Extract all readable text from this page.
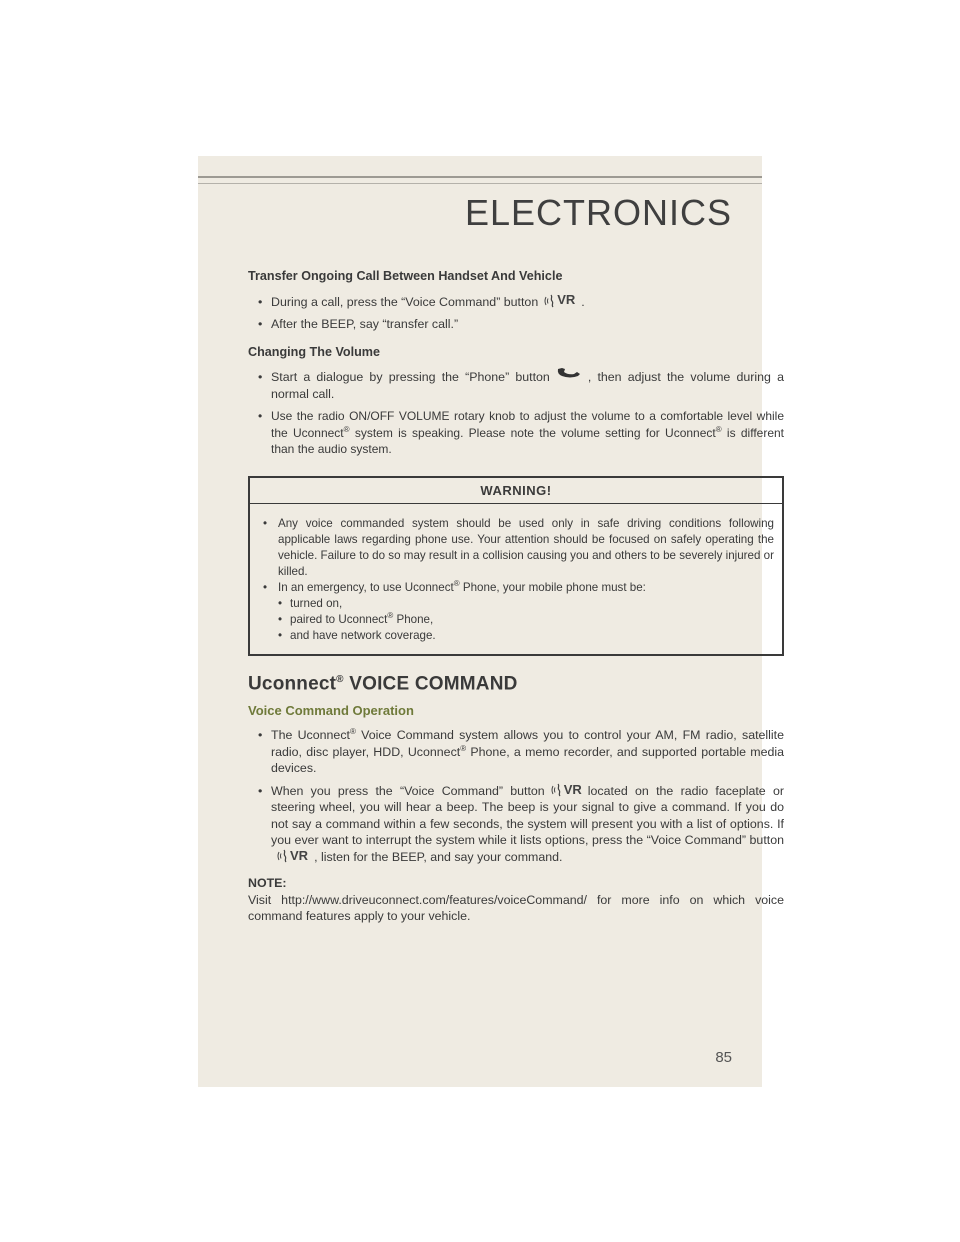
ELECTRONICS
Transfer Ongoing Call Between Handset And Vehicle
• During a call, press the “Voice Command” button VR .
• After the BEEP, say “transfer call.”
Changing The Volume
• Start a dialogue by pressing the “Phone” button	, then adjust the volume during a normal call.
• Use the radio ON/OFF VOLUME rotary knob to adjust the volume to a comfortable level while the Uconnect® system is speaking. Please note the volume setting for Uconnect® is different than the audio system.
WARNING!
• Any voice commanded system should be used only in safe driving conditions following applicable laws regarding phone use. Your attention should be focused on safely operating the vehicle. Failure to do so may result in a collision causing you and others to be severely injured or killed.
• In an emergency, to use Uconnect® Phone, your mobile phone must be:
• turned on,
• paired to Uconnect® Phone,
• and have network coverage.
Uconnect® VOICE COMMAND
Voice Command Operation
• The Uconnect® Voice Command system allows you to control your AM, FM radio, satellite radio, disc player, HDD, Uconnect® Phone, a memo recorder, and supported portable media devices.
• When you press the “Voice Command” button VR located on the radio faceplate or steering wheel, you will hear a beep. The beep is your signal to give a command. If you do not say a command within a few seconds, the system will present you with a list of options. If you ever want to interrupt the system while it lists options, press the “Voice Command” button
VR , listen for the BEEP, and say your command.
NOTE:
Visit http://www.driveuconnect.com/features/voiceCommand/ for more info on which voice command features apply to your vehicle.
85
